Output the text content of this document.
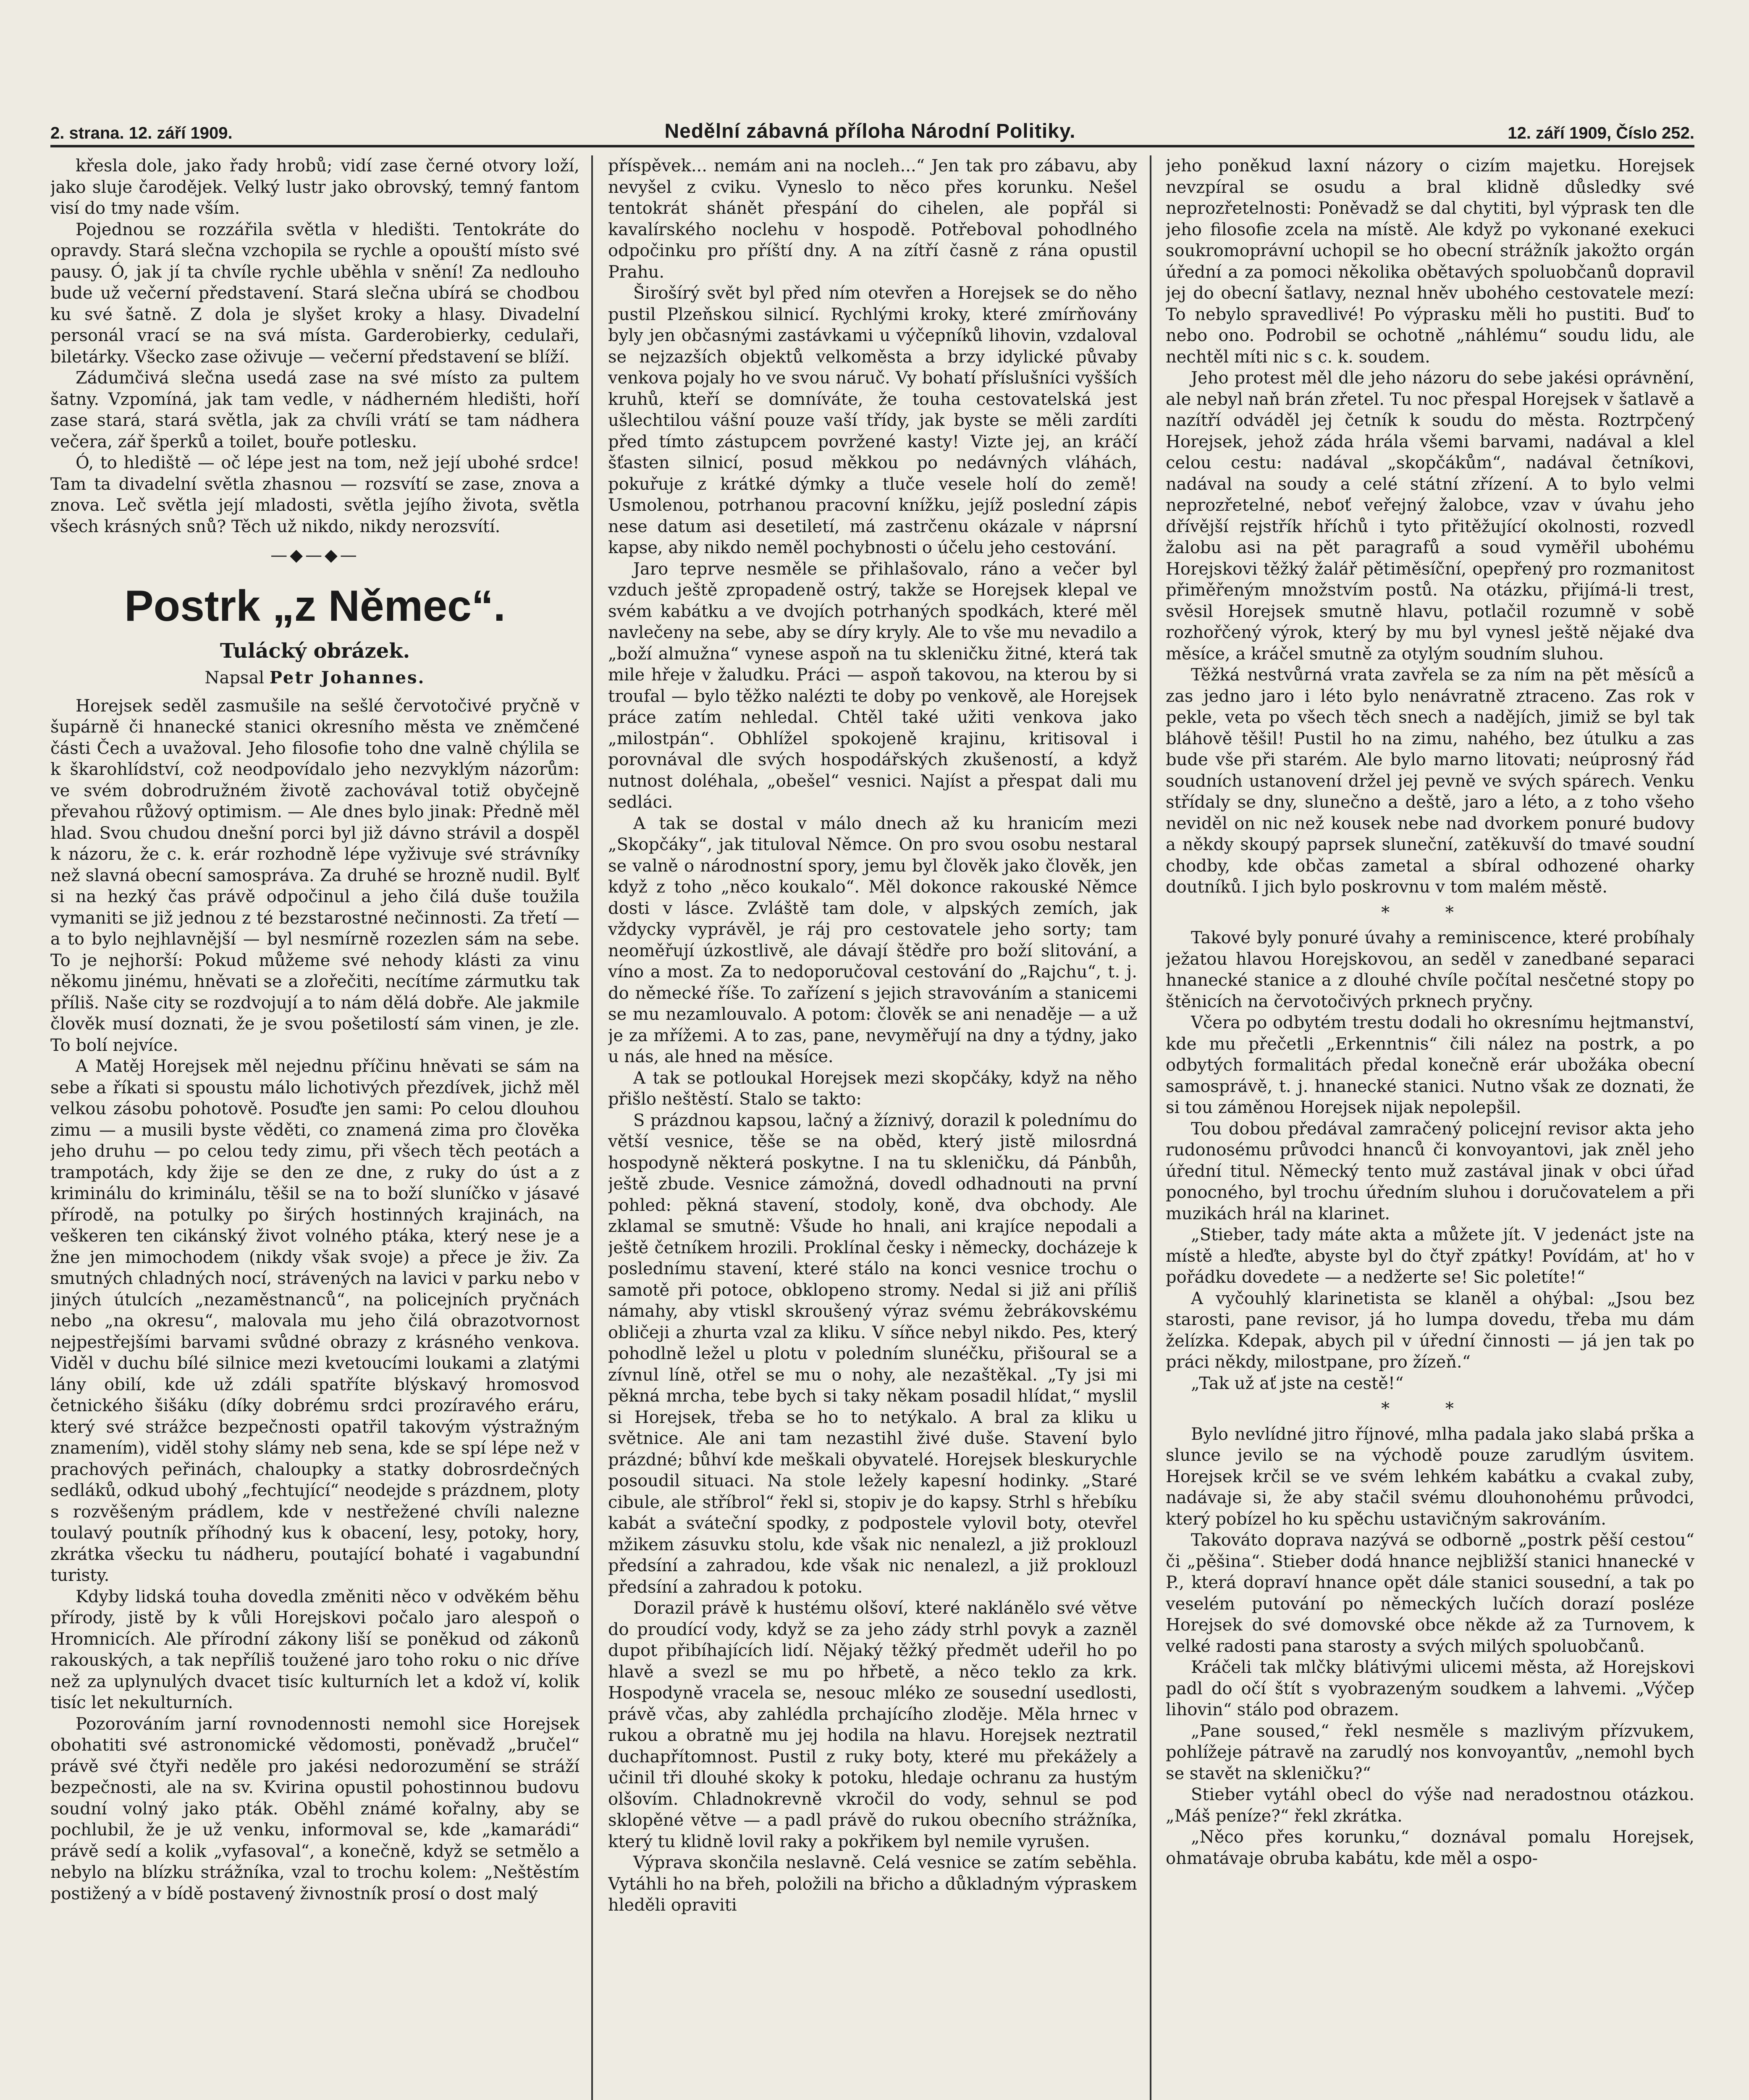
2. strana. 12. září 1909.	Nedělní zábavná příloha Národní Politiky.	12. září 1909, Číslo 252.

křesla dole, jako řady hrobů; vidí zase černé otvory loží, jako sluje čarodějek. Velký lustr jako obrovský, temný fantom visí do tmy nade vším.

Pojednou se rozzářila světla v hledišti. Tentokráte do opravdy. Stará slečna vzchopila se rychle a opouští místo své pausy. Ó, jak jí ta chvíle rychle uběhla v snění! Za nedlouho bude už večerní představení. Stará slečna ubírá se chodbou ku své šatně. Z dola je slyšet kroky a hlasy. Divadelní personál vrací se na svá místa. Garderobierky, cedulaři, biletárky. Všecko zase oživuje — večerní představení se blíží.

Zádumčivá slečna usedá zase na své místo za pultem šatny. Vzpomíná, jak tam vedle, v nádherném hledišti, hoří zase stará, stará světla, jak za chvíli vrátí se tam nádhera večera, zář šperků a toilet, bouře potlesku.

Ó, to hlediště — oč lépe jest na tom, než její ubohé srdce! Tam ta divadelní světla zhasnou — rozsvítí se zase, znova a znova. Leč světla její mladosti, světla jejího života, světla všech krásných snů? Těch už nikdo, nikdy nerozsvítí.

—◆—◆—
Postrk „z Němec“.
Tulácký obrázek.
Napsal Petr Johannes.

Horejsek seděl zasmušile na sešlé červotočivé pryčně v šupárně či hnanecké stanici okresního města ve zněmčené části Čech a uvažoval. Jeho filosofie toho dne valně chýlila se k škarohlídství, což neodpovídalo jeho nezvyklým názorům: ve svém dobrodružném životě zachovával totiž obyčejně převahou růžový optimism. — Ale dnes bylo jinak: Předně měl hlad. Svou chudou dnešní porci byl již dávno strávil a dospěl k názoru, že c. k. erár rozhodně lépe vyživuje své strávníky než slavná obecní samospráva. Za druhé se hrozně nudil. Bylť si na hezký čas právě odpočinul a jeho čilá duše toužila vymaniti se již jednou z té bezstarostné nečinnosti. Za třetí — a to bylo nejhlavnější — byl nesmírně rozezlen sám na sebe. To je nejhorší: Pokud můžeme své nehody klásti za vinu někomu jinému, hněvati se a zlořečiti, necítíme zármutku tak příliš. Naše city se rozdvojují a to nám dělá dobře. Ale jakmile člověk musí doznati, že je svou pošetilostí sám vinen, je zle. To bolí nejvíce.

A Matěj Horejsek měl nejednu příčinu hněvati se sám na sebe a říkati si spoustu málo lichotivých přezdívek, jichž měl velkou zásobu pohotově. Posuďte jen sami: Po celou dlouhou zimu — a musili byste věděti, co znamená zima pro člověka jeho druhu — po celou tedy zimu, při všech těch peotách a trampotách, kdy žije se den ze dne, z ruky do úst a z kriminálu do kriminálu, těšil se na to boží sluníčko v jásavé přírodě, na potulky po širých hostinných krajinách, na veškeren ten cikánský život volného ptáka, který nese je a žne jen mimochodem (nikdy však svoje) a přece je živ. Za smutných chladných nocí, strávených na lavici v parku nebo v jiných útulcích „nezaměstnanců“, na policejních pryčnách nebo „na okresu“, malovala mu jeho čilá obrazotvornost nejpestřejšími barvami svůdné obrazy z krásného venkova. Viděl v duchu bílé silnice mezi kvetoucími loukami a zlatými lány obilí, kde už zdáli spatříte blýskavý hromosvod četnického šišáku (díky dobrému srdci prozíravého eráru, který své strážce bezpečnosti opatřil takovým výstražným znamením), viděl stohy slámy neb sena, kde se spí lépe než v prachových peřinách, chaloupky a statky dobrosrdečných sedláků, odkud ubohý „fechtující“ neodejde s prázdnem, ploty s rozvěšeným prádlem, kde v nestřežené chvíli nalezne toulavý poutník příhodný kus k obacení, lesy, potoky, hory, zkrátka všecku tu nádheru, poutající bohaté i vagabundní turisty.

Kdyby lidská touha dovedla změniti něco v odvěkém běhu přírody, jistě by k vůli Horejskovi počalo jaro alespoň o Hromnicích. Ale přírodní zákony liší se poněkud od zákonů rakouských, a tak nepříliš toužené jaro toho roku o nic dříve než za uplynulých dvacet tisíc kulturních let a kdož ví, kolik tisíc let nekulturních.

Pozorováním jarní rovnodennosti nemohl sice Horejsek obohatiti své astronomické vědomosti, poněvadž „bručel“ právě své čtyři neděle pro jakési nedorozumění se stráží bezpečnosti, ale na sv. Kvirina opustil pohostinnou budovu soudní volný jako pták. Oběhl známé kořalny, aby se pochlubil, že je už venku, informoval se, kde „kamarádi“ právě sedí a kolik „vyfasoval“, a konečně, když se setmělo a nebylo na blízku strážníka, vzal to trochu kolem: „Neštěstím postižený a v bídě postavený živnostník prosí o dost malý

příspěvek... nemám ani na nocleh...“ Jen tak pro zábavu, aby nevyšel z cviku. Vyneslo to něco přes korunku. Nešel tentokrát shánět přespání do cihelen, ale popřál si kavalírského noclehu v hospodě. Potřeboval pohodlného odpočinku pro příští dny. A na zítří časně z rána opustil Prahu.

Širošírý svět byl před ním otevřen a Horejsek se do něho pustil Plzeňskou silnicí. Rychlými kroky, které zmírňovány byly jen občasnými zastávkami u výčepníků lihovin, vzdaloval se nejzazších objektů velkoměsta a brzy idylické půvaby venkova pojaly ho ve svou náruč. Vy bohatí příslušníci vyšších kruhů, kteří se domníváte, že touha cestovatelská jest ušlechtilou vášní pouze vaší třídy, jak byste se měli zardíti před tímto zástupcem povržené kasty! Vizte jej, an kráčí šťasten silnicí, posud měkkou po nedávných vláhách, pokuřuje z krátké dýmky a tluče vesele holí do země! Usmolenou, potrhanou pracovní knížku, jejíž poslední zápis nese datum asi desetiletí, má zastrčenu okázale v náprsní kapse, aby nikdo neměl pochybnosti o účelu jeho cestování.

Jaro teprve nesměle se přihlašovalo, ráno a večer byl vzduch ještě zpropadeně ostrý, takže se Horejsek klepal ve svém kabátku a ve dvojích potrhaných spodkách, které měl navlečeny na sebe, aby se díry kryly. Ale to vše mu nevadilo a „boží almužna“ vynese aspoň na tu skleničku žitné, která tak mile hřeje v žaludku. Práci — aspoň takovou, na kterou by si troufal — bylo těžko nalézti te doby po venkově, ale Horejsek práce zatím nehledal. Chtěl také užiti venkova jako „milostpán“. Obhlížel spokojeně krajinu, kritisoval i porovnával dle svých hospodářských zkušeností, a když nutnost doléhala, „obešel“ vesnici. Najíst a přespat dali mu sedláci.

A tak se dostal v málo dnech až ku hranicím mezi „Skopčáky“, jak tituloval Němce. On pro svou osobu nestaral se valně o národnostní spory, jemu byl člověk jako člověk, jen když z toho „něco koukalo“. Měl dokonce rakouské Němce dosti v lásce. Zvláště tam dole, v alpských zemích, jak vždycky vyprávěl, je ráj pro cestovatele jeho sorty; tam neoměřují úzkostlivě, ale dávají štědře pro boží slitování, a víno a most. Za to nedoporučoval cestování do „Rajchu“, t. j. do německé říše. To zařízení s jejich stravováním a stanicemi se mu nezamlouvalo. A potom: člověk se ani nenaděje — a už je za mřížemi. A to zas, pane, nevyměřují na dny a týdny, jako u nás, ale hned na měsíce.

A tak se potloukal Horejsek mezi skopčáky, když na něho přišlo neštěstí. Stalo se takto:

S prázdnou kapsou, lačný a žíznivý, dorazil k polednímu do větší vesnice, těše se na oběd, který jistě milosrdná hospodyně některá poskytne. I na tu skleničku, dá Pánbůh, ještě zbude. Vesnice zámožná, dovedl odhadnouti na první pohled: pěkná stavení, stodoly, koně, dva obchody. Ale zklamal se smutně: Všude ho hnali, ani krajíce nepodali a ještě četníkem hrozili. Proklínal česky i německy, docházeje k poslednímu stavení, které stálo na konci vesnice trochu o samotě při potoce, obklopeno stromy. Nedal si již ani příliš námahy, aby vtiskl skroušený výraz svému žebrákovskému obličeji a zhurta vzal za kliku. V síňce nebyl nikdo. Pes, který pohodlně ležel u plotu v poledním slunéčku, přišoural se a zívnul líně, otřel se mu o nohy, ale nezaštěkal. „Ty jsi mi pěkná mrcha, tebe bych si taky někam posadil hlídat,“ myslil si Horejsek, třeba se ho to netýkalo. A bral za kliku u světnice. Ale ani tam nezastihl živé duše. Stavení bylo prázdné; bůhví kde meškali obyvatelé. Horejsek bleskurychle posoudil situaci. Na stole ležely kapesní hodinky. „Staré cibule, ale stříbrol“ řekl si, stopiv je do kapsy. Strhl s hřebíku kabát a sváteční spodky, z podpostele vylovil boty, otevřel mžikem zásuvku stolu, kde však nic nenalezl, a již proklouzl předsíní a zahradou, kde však nic nenalezl, a již proklouzl předsíní a zahradou k potoku.

Dorazil právě k hustému olšoví, které naklánělo své větve do proudící vody, když se za jeho zády strhl povyk a zazněl dupot přibíhajících lidí. Nějaký těžký předmět udeřil ho po hlavě a svezl se mu po hřbetě, a něco teklo za krk. Hospodyně vracela se, nesouc mléko ze sousední usedlosti, právě včas, aby zahlédla prchajícího zloděje. Měla hrnec v rukou a obratně mu jej hodila na hlavu. Horejsek neztratil duchapřítomnost. Pustil z ruky boty, které mu překážely a učinil tři dlouhé skoky k potoku, hledaje ochranu za hustým olšovím. Chladnokrevně vkročil do vody, sehnul se pod sklopěné větve — a padl právě do rukou obecního strážníka, který tu klidně lovil raky a pokřikem byl nemile vyrušen.

Výprava skončila neslavně. Celá vesnice se zatím seběhla. Vytáhli ho na břeh, položili na břicho a důkladným výpraskem hleděli opraviti

jeho poněkud laxní názory o cizím majetku. Horejsek nevzpíral se osudu a bral klidně důsledky své neprozřetelnosti: Poněvadž se dal chytiti, byl výprask ten dle jeho filosofie zcela na místě. Ale když po vykonané exekuci soukromoprávní uchopil se ho obecní strážník jakožto orgán úřední a za pomoci několika obětavých spoluobčanů dopravil jej do obecní šatlavy, neznal hněv ubohého cestovatele mezí: To nebylo spravedlivé! Po výprasku měli ho pustiti. Buď to nebo ono. Podrobil se ochotně „náhlému“ soudu lidu, ale nechtěl míti nic s c. k. soudem.

Jeho protest měl dle jeho názoru do sebe jakési oprávnění, ale nebyl naň brán zřetel. Tu noc přespal Horejsek v šatlavě a nazítří odváděl jej četník k soudu do města. Roztrpčený Horejsek, jehož záda hrála všemi barvami, nadával a klel celou cestu: nadával „skopčákům“, nadával četníkovi, nadával na soudy a celé státní zřízení. A to bylo velmi neprozřetelné, neboť veřejný žalobce, vzav v úvahu jeho dřívější rejstřík hříchů i tyto přitěžující okolnosti, rozvedl žalobu asi na pět paragrafů a soud vyměřil ubohému Horejskovi těžký žalář pětiměsíční, opepřený pro rozmanitost přiměřeným množstvím postů. Na otázku, přijímá-li trest, svěsil Horejsek smutně hlavu, potlačil rozumně v sobě rozhořčený výrok, který by mu byl vynesl ještě nějaké dva měsíce, a kráčel smutně za otylým soudním sluhou.

Těžká nestvůrná vrata zavřela se za ním na pět měsíců a zas jedno jaro i léto bylo nenávratně ztraceno. Zas rok v pekle, veta po všech těch snech a nadějích, jimiž se byl tak bláhově těšil! Pustil ho na zimu, nahého, bez útulku a zas bude vše při starém. Ale bylo marno litovati; neúprosný řád soudních ustanovení držel jej pevně ve svých spárech. Venku střídaly se dny, slunečno a deště, jaro a léto, a z toho všeho neviděl on nic než kousek nebe nad dvorkem ponuré budovy a někdy skoupý paprsek sluneční, zatěkuvší do tmavé soudní chodby, kde občas zametal a sbíral odhozené oharky doutníků. I jich bylo poskrovnu v tom malém městě.

* *

Takové byly ponuré úvahy a reminiscence, které probíhaly ježatou hlavou Horejskovou, an seděl v zanedbané separaci hnanecké stanice a z dlouhé chvíle počítal nesčetné stopy po štěnicích na červotočivých prknech pryčny.

Včera po odbytém trestu dodali ho okresnímu hejtmanství, kde mu přečetli „Erkenntnis“ čili nález na postrk, a po odbytých formalitách předal konečně erár ubožáka obecní samosprávě, t. j. hnanecké stanici. Nutno však ze doznati, že si tou záměnou Horejsek nijak nepolepšil.

Tou dobou předával zamračený policejní revisor akta jeho rudonosému průvodci hnanců či konvoyantovi, jak zněl jeho úřední titul. Německý tento muž zastával jinak v obci úřad ponocného, byl trochu úředním sluhou i doručovatelem a při muzikách hrál na klarinet.

„Stieber, tady máte akta a můžete jít. V jedenáct jste na místě a hleďte, abyste byl do čtyř zpátky! Povídám, at' ho v pořádku dovedete — a nedžerte se! Sic poletíte!“

A vyčouhlý klarinetista se klaněl a ohýbal: „Jsou bez starosti, pane revisor, já ho lumpa dovedu, třeba mu dám želízka. Kdepak, abych pil v úřední činnosti — já jen tak po práci někdy, milostpane, pro žízeň.“

„Tak už ať jste na cestě!“

* *

Bylo nevlídné jitro říjnové, mlha padala jako slabá prška a slunce jevilo se na východě pouze zarudlým úsvitem. Horejsek krčil se ve svém lehkém kabátku a cvakal zuby, nadávaje si, že aby stačil svému dlouhonohému průvodci, který pobízel ho ku spěchu ustavičným sakrováním.

Takováto doprava nazývá se odborně „postrk pěší cestou“ či „pěšina“. Stieber dodá hnance nejbližší stanici hnanecké v P., která dopraví hnance opět dále stanici sousední, a tak po veselém putování po německých lučích dorazí posléze Horejsek do své domovské obce někde až za Turnovem, k velké radosti pana starosty a svých milých spoluobčanů.

Kráčeli tak mlčky blátivými ulicemi města, až Horejskovi padl do očí štít s vyobrazeným soudkem a lahvemi. „Výčep lihovin“ stálo pod obrazem.

„Pane soused,“ řekl nesměle s mazlivým přízvukem, pohlížeje pátravě na zarudlý nos konvoyantův, „nemohl bych se stavět na skleničku?“

Stieber vytáhl obecl do výše nad neradostnou otázkou. „Máš peníze?“ řekl zkrátka.

„Něco přes korunku,“ doznával pomalu Horejsek, ohmatávaje obruba kabátu, kde měl a ospo-
